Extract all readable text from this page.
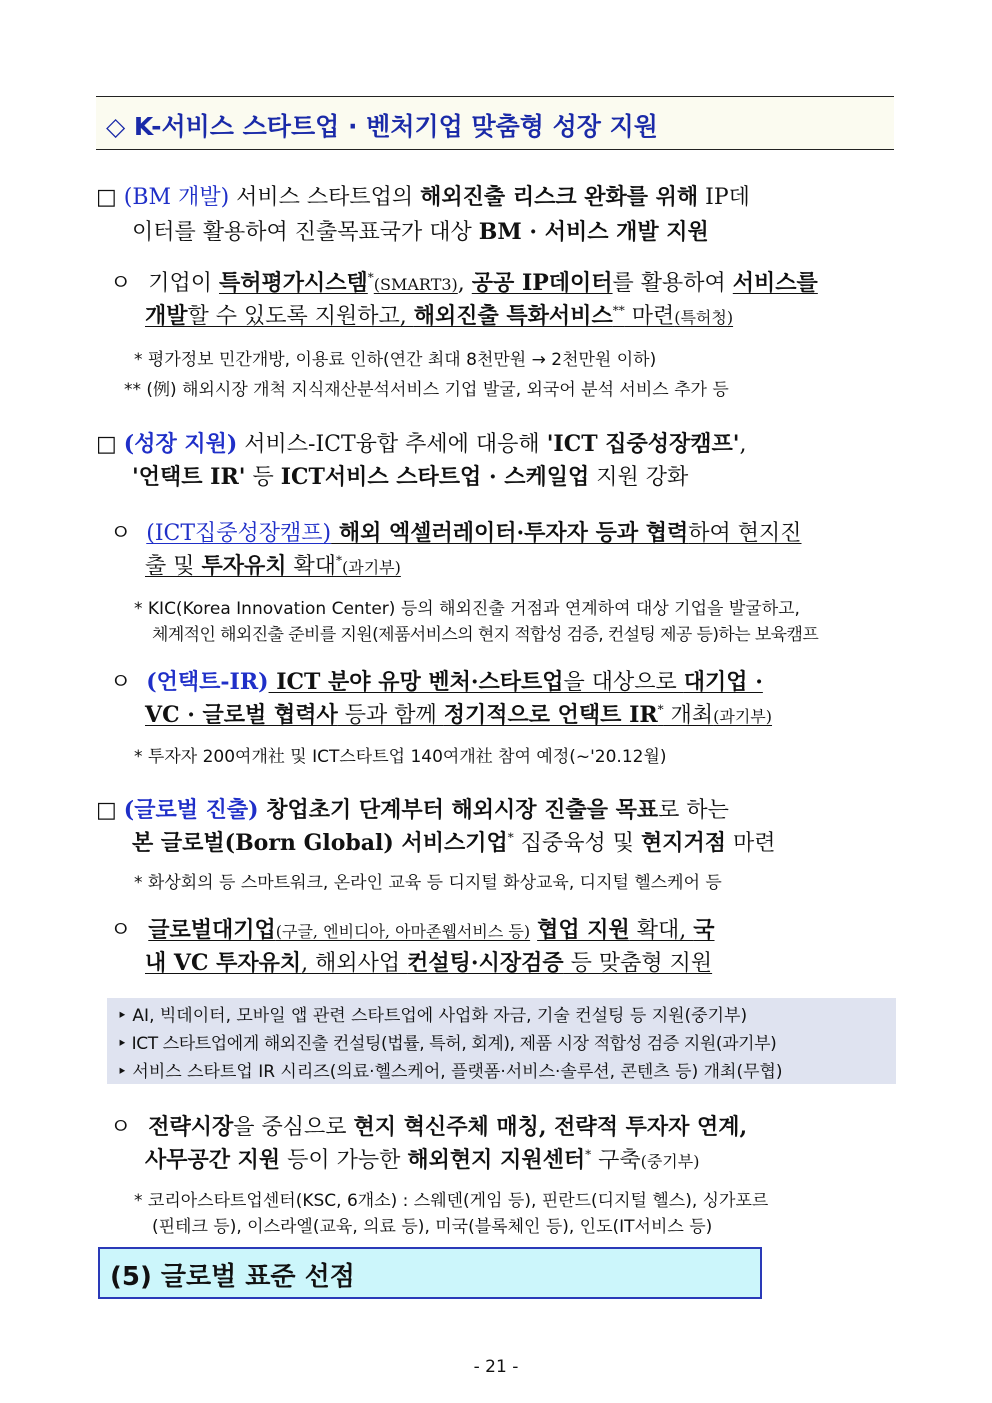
◇ K-서비스 스타트업 · 벤처기업 맞춤형 성장 지원
□ (BM 개발) 서비스 스타트업의 해외진출 리스크 완화를 위해 IP데
이터를 활용하여 진출목표국가 대상 BM · 서비스 개발 지원
ㅇ 기업이 특허평가시스템*(SMART3), 공공 IP데이터를 활용하여 서비스를
개발할 수 있도록 지원하고, 해외진출 특화서비스** 마련(특허청)
* 평가정보 민간개방, 이용료 인하(연간 최대 8천만원 → 2천만원 이하)
** (例) 해외시장 개척 지식재산분석서비스 기업 발굴, 외국어 분석 서비스 추가 등
□ (성장 지원) 서비스-ICT융합 추세에 대응해 'ICT 집중성장캠프',
'언택트 IR' 등 ICT서비스 스타트업 · 스케일업 지원 강화
ㅇ (ICT집중성장캠프) 해외 엑셀러레이터·투자자 등과 협력하여 현지진
출 및 투자유치 확대*(과기부)
* KIC(Korea Innovation Center) 등의 해외진출 거점과 연계하여 대상 기업을 발굴하고,
체계적인 해외진출 준비를 지원(제품서비스의 현지 적합성 검증, 컨설팅 제공 등)하는 보육캠프
ㅇ (언택트-IR) ICT 분야 유망 벤처·스타트업을 대상으로 대기업 ·
VC · 글로벌 협력사 등과 함께 정기적으로 언택트 IR* 개최(과기부)
* 투자자 200여개社 및 ICT스타트업 140여개社 참여 예정(~'20.12월)
□ (글로벌 진출) 창업초기 단계부터 해외시장 진출을 목표로 하는
본 글로벌(Born Global) 서비스기업* 집중육성 및 현지거점 마련
* 화상회의 등 스마트워크, 온라인 교육 등 디지털 화상교육, 디지털 헬스케어 등
ㅇ 글로벌대기업(구글, 엔비디아, 아마존웹서비스 등) 협업 지원 확대, 국
내 VC 투자유치, 해외사업 컨설팅·시장검증 등 맞춤형 지원
‣ AI, 빅데이터, 모바일 앱 관련 스타트업에 사업화 자금, 기술 컨설팅 등 지원(중기부)
‣ ICT 스타트업에게 해외진출 컨설팅(법률, 특허, 회계), 제품 시장 적합성 검증 지원(과기부)
‣ 서비스 스타트업 IR 시리즈(의료·헬스케어, 플랫폼·서비스·솔루션, 콘텐츠 등) 개최(무협)
ㅇ 전략시장을 중심으로 현지 혁신주체 매칭, 전략적 투자자 연계,
사무공간 지원 등이 가능한 해외현지 지원센터* 구축(중기부)
* 코리아스타트업센터(KSC, 6개소) : 스웨덴(게임 등), 핀란드(디지털 헬스), 싱가포르
(핀테크 등), 이스라엘(교육, 의료 등), 미국(블록체인 등), 인도(IT서비스 등)
(5) 글로벌 표준 선점
- 21 -
